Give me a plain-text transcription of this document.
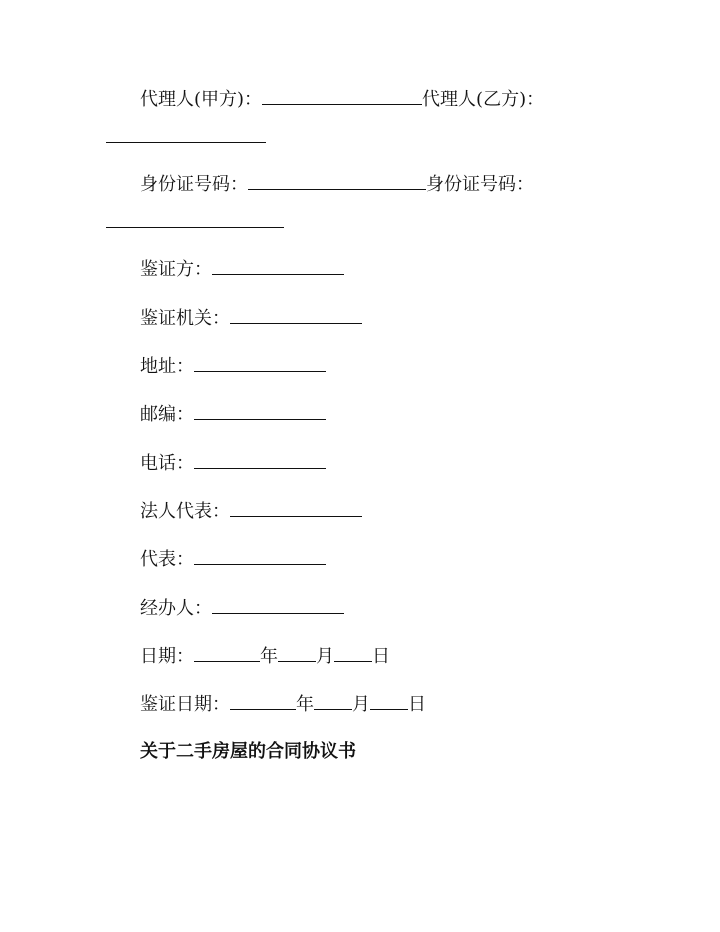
代理人(甲方)：	代理人(乙方)：
身份证号码：	身份证号码：
鉴证方：
鉴证机关：
地址：
邮编：
电话：
法人代表：
代表：
经办人：
日期：	年 月 日
鉴证日期：	年 月 日
关于二手房屋的合同协议书
